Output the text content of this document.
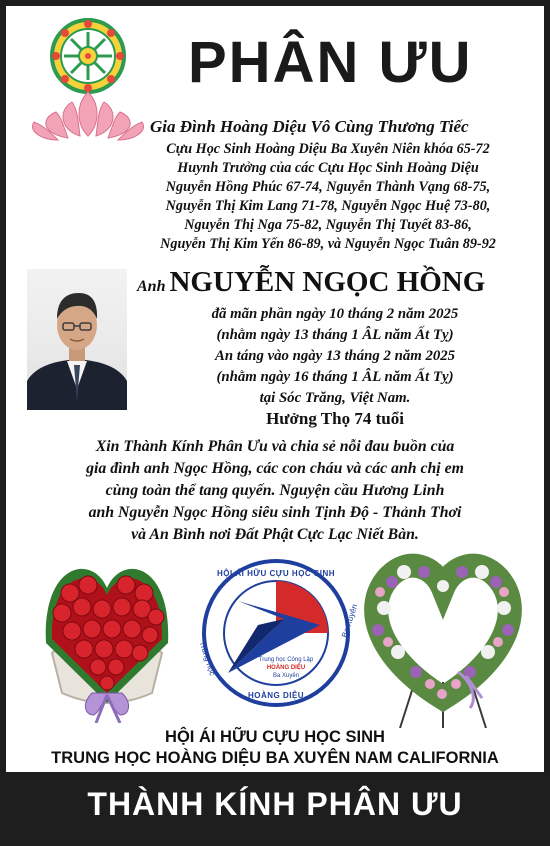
PHÂN ƯU
Gia Đình Hoàng Diệu Vô Cùng Thương Tiếc
Cựu Học Sinh Hoàng Diệu Ba Xuyên Niên khóa 65-72
Huynh Trưởng của các Cựu Học Sinh Hoàng Diệu
Nguyễn Hồng Phúc 67-74, Nguyễn Thành Vạng 68-75,
Nguyễn Thị Kim Lang 71-78, Nguyễn Ngọc Huệ 73-80,
Nguyễn Thị Nga 75-82, Nguyễn Thị Tuyết 83-86,
Nguyễn Thị Kim Yến 86-89, và Nguyễn Ngọc Tuân 89-92
Anh NGUYỄN NGỌC HỒNG
đã mãn phần ngày 10 tháng 2 năm 2025
(nhằm ngày 13 tháng 1 ÂL năm Ất Tỵ)
An táng vào ngày 13 tháng 2 năm 2025
(nhằm ngày 16 tháng 1 ÂL năm Ất Tỵ)
tại Sóc Trăng, Việt Nam.
Hưởng Thọ 74 tuổi
Xin Thành Kính Phân Ưu và chia sẻ nỗi đau buồn của
gia đình anh Ngọc Hồng, các con cháu và các anh chị em
cùng toàn thể tang quyến. Nguyện cầu Hương Linh
anh Nguyễn Ngọc Hồng siêu sinh Tịnh Độ - Thảnh Thơi
và An Bình nơi Đất Phật Cực Lạc Niết Bàn.
HỘI ÁI HỮU CỰU HỌC SINH
Trung học
Ba Xuyên
HOÀNG DIỆU
Trung học Công Lập
HOÀNG DIỆU
Ba Xuyên
HỘI ÁI HỮU CỰU HỌC SINH
TRUNG HỌC HOÀNG DIỆU BA XUYÊN NAM CALIFORNIA
THÀNH KÍNH PHÂN ƯU
